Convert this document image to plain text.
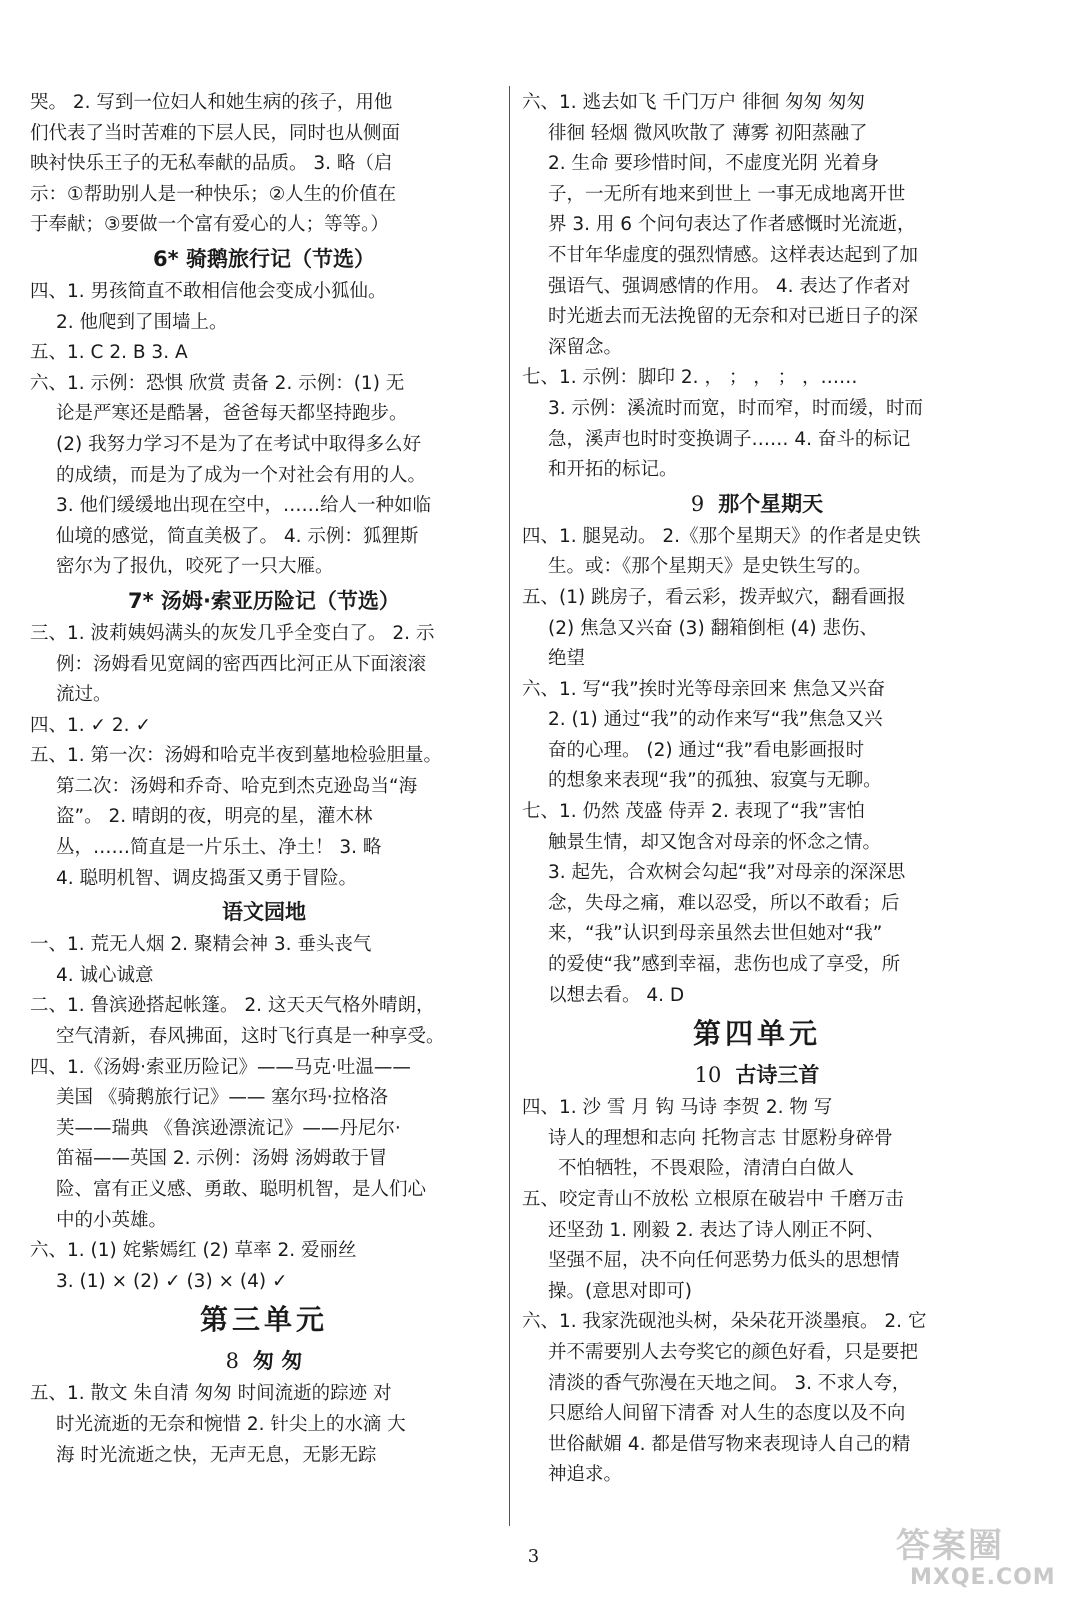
哭。 2. 写到一位妇人和她生病的孩子，用他
们代表了当时苦难的下层人民，同时也从侧面
映衬快乐王子的无私奉献的品质。 3. 略（启
示：①帮助别人是一种快乐；②人生的价值在
于奉献；③要做一个富有爱心的人；等等。）
6* 骑鹅旅行记（节选）
四、1. 男孩简直不敢相信他会变成小狐仙。
2. 他爬到了围墙上。
五、1. C 2. B 3. A
六、1. 示例：恐惧 欣赏 责备 2. 示例：(1) 无
论是严寒还是酷暑，爸爸每天都坚持跑步。
(2) 我努力学习不是为了在考试中取得多么好
的成绩，而是为了成为一个对社会有用的人。
3. 他们缓缓地出现在空中，……给人一种如临
仙境的感觉，简直美极了。 4. 示例：狐狸斯
密尔为了报仇，咬死了一只大雁。
7* 汤姆·索亚历险记（节选）
三、1. 波莉姨妈满头的灰发几乎全变白了。 2. 示
例：汤姆看见宽阔的密西西比河正从下面滚滚
流过。
四、1. ✓ 2. ✓
五、1. 第一次：汤姆和哈克半夜到墓地检验胆量。
第二次：汤姆和乔奇、哈克到杰克逊岛当“海
盗”。 2. 晴朗的夜，明亮的星，灌木林
丛，……简直是一片乐土、净土！ 3. 略
4. 聪明机智、调皮捣蛋又勇于冒险。
语文园地
一、1. 荒无人烟 2. 聚精会神 3. 垂头丧气
4. 诚心诚意
二、1. 鲁滨逊搭起帐篷。 2. 这天天气格外晴朗，
空气清新，春风拂面，这时飞行真是一种享受。
四、1.《汤姆·索亚历险记》——马克·吐温——
美国 《骑鹅旅行记》—— 塞尔玛·拉格洛
芙——瑞典 《鲁滨逊漂流记》——丹尼尔·
笛福——英国 2. 示例：汤姆 汤姆敢于冒
险、富有正义感、勇敢、聪明机智，是人们心
中的小英雄。
六、1. (1) 姹紫嫣红 (2) 草率 2. 爱丽丝
3. (1) × (2) ✓ (3) × (4) ✓
第三单元
8 匆 匆
五、1. 散文 朱自清 匆匆 时间流逝的踪迹 对
时光流逝的无奈和惋惜 2. 针尖上的水滴 大
海 时光流逝之快，无声无息，无影无踪
六、1. 逃去如飞 千门万户 徘徊 匆匆 匆匆
徘徊 轻烟 微风吹散了 薄雾 初阳蒸融了
2. 生命 要珍惜时间，不虚度光阴 光着身
子，一无所有地来到世上 一事无成地离开世
界 3. 用 6 个问句表达了作者感慨时光流逝，
不甘年华虚度的强烈情感。这样表达起到了加
强语气、强调感情的作用。 4. 表达了作者对
时光逝去而无法挽留的无奈和对已逝日子的深
深留念。
七、1. 示例：脚印 2. ， ； ， ； ，……
3. 示例：溪流时而宽，时而窄，时而缓，时而
急，溪声也时时变换调子…… 4. 奋斗的标记
和开拓的标记。
9 那个星期天
四、1. 腿晃动。 2.《那个星期天》的作者是史铁
生。或：《那个星期天》是史铁生写的。
五、(1) 跳房子，看云彩，拨弄蚁穴，翻看画报
(2) 焦急又兴奋 (3) 翻箱倒柜 (4) 悲伤、
绝望
六、1. 写“我”挨时光等母亲回来 焦急又兴奋
2. (1) 通过“我”的动作来写“我”焦急又兴
奋的心理。 (2) 通过“我”看电影画报时
的想象来表现“我”的孤独、寂寞与无聊。
七、1. 仍然 茂盛 侍弄 2. 表现了“我”害怕
触景生情，却又饱含对母亲的怀念之情。
3. 起先，合欢树会勾起“我”对母亲的深深思
念，失母之痛，难以忍受，所以不敢看；后
来，“我”认识到母亲虽然去世但她对“我”
的爱使“我”感到幸福，悲伤也成了享受，所
以想去看。 4. D
第四单元
10 古诗三首
四、1. 沙 雪 月 钩 马诗 李贺 2. 物 写
诗人的理想和志向 托物言志 甘愿粉身碎骨
不怕牺牲，不畏艰险，清清白白做人
五、咬定青山不放松 立根原在破岩中 千磨万击
还坚劲 1. 刚毅 2. 表达了诗人刚正不阿、
坚强不屈，决不向任何恶势力低头的思想情
操。(意思对即可)
六、1. 我家洗砚池头树，朵朵花开淡墨痕。 2. 它
并不需要别人去夸奖它的颜色好看，只是要把
清淡的香气弥漫在天地之间。 3. 不求人夸，
只愿给人间留下清香 对人生的态度以及不向
世俗献媚 4. 都是借写物来表现诗人自己的精
神追求。
3	答案圈
MXQE.COM
